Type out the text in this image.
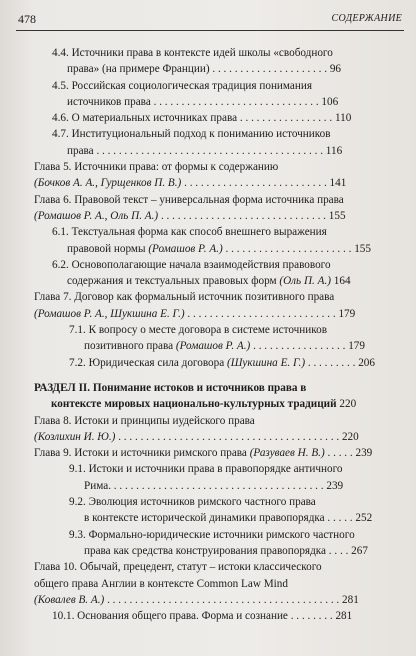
478	СОДЕРЖАНИЕ
4.4. Источники права в контексте идей школы «свободного
права» (на примере Франции) . . . . . . . . . . . . . . . . . . . . . 96
4.5. Российская социологическая традиция понимания
источников права . . . . . . . . . . . . . . . . . . . . . . . . . . . . . . 106
4.6. О материальных источниках права . . . . . . . . . . . . . . . . . 110
4.7. Институциональный подход к пониманию источников
права . . . . . . . . . . . . . . . . . . . . . . . . . . . . . . . . . . . . . . . . . 116
Глава 5. Источники права: от формы к содержанию
(Бочков А. А., Гурщенков П. В.) . . . . . . . . . . . . . . . . . . . . . . . . . . 141
Глава 6. Правовой текст – универсальная форма источника права
(Ромашов Р. А., Оль П. А.) . . . . . . . . . . . . . . . . . . . . . . . . . . . . . . 155
6.1. Текстуальная форма как способ внешнего выражения
правовой нормы (Ромашов Р. А.) . . . . . . . . . . . . . . . . . . . . . . . 155
6.2. Основополагающие начала взаимодействия правового
содержания и текстуальных правовых форм (Оль П. А.) 164
Глава 7. Договор как формальный источник позитивного права
(Ромашов Р. А., Шукшина Е. Г.) . . . . . . . . . . . . . . . . . . . . . . . . . . . 179
7.1. К вопросу о месте договора в системе источников
позитивного права (Ромашов Р. А.) . . . . . . . . . . . . . . . . . 179
7.2. Юридическая сила договора (Шукшина Е. Г.) . . . . . . . . . 206
РАЗДЕЛ II. Понимание истоков и источников права в
контекстe мировых национально-культурных традиций 220
Глава 8. Истоки и принципы иудейского права
(Козлихин И. Ю.) . . . . . . . . . . . . . . . . . . . . . . . . . . . . . . . . . . . . . . . . 220
Глава 9. Истоки и источники римского права (Разуваев Н. В.) . . . . . 239
9.1. Истоки и источники права в правопорядке античного
Рима. . . . . . . . . . . . . . . . . . . . . . . . . . . . . . . . . . . . . . . 239
9.2. Эволюция источников римского частного права
в контексте исторической динамики правопорядка . . . . . 252
9.3. Формально-юридические источники римского частного
права как средства конструирования правопорядка . . . . 267
Глава 10. Обычай, прецедент, статут – истоки классического
общего права Англии в контексте Common Law Mind
(Ковалев В. А.) . . . . . . . . . . . . . . . . . . . . . . . . . . . . . . . . . . . . . . . . . . 281
10.1. Основания общего права. Форма и сознание . . . . . . . . 281
